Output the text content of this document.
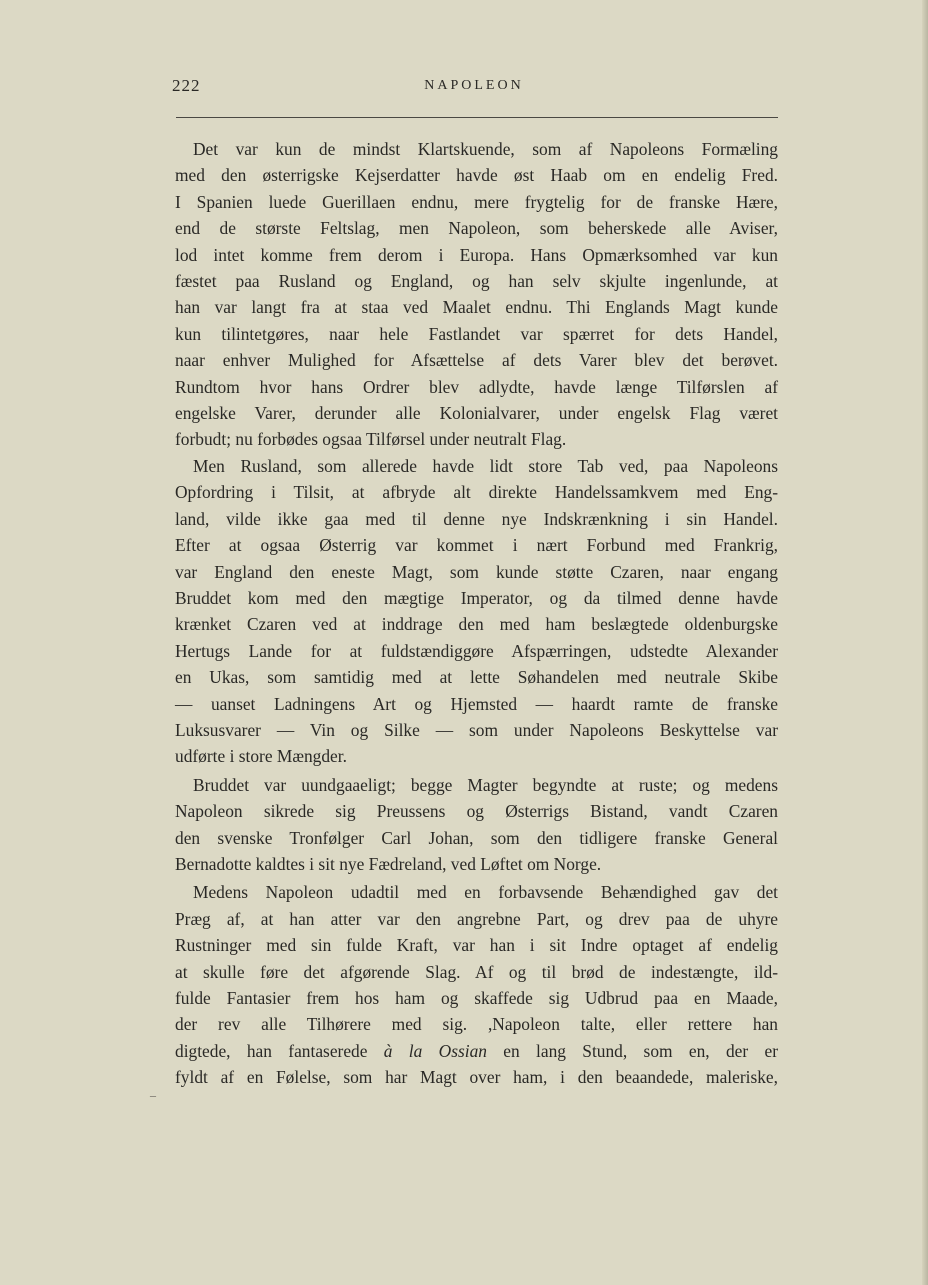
222	NAPOLEON
Det var kun de mindst Klartskuende, som af Napoleons Formæling
med den østerrigske Kejserdatter havde øst Haab om en endelig Fred.
I Spanien luede Guerillaen endnu, mere frygtelig for de franske Hære,
end de største Feltslag, men Napoleon, som beherskede alle Aviser,
lod intet komme frem derom i Europa. Hans Opmærksomhed var kun
fæstet paa Rusland og England, og han selv skjulte ingenlunde, at
han var langt fra at staa ved Maalet endnu. Thi Englands Magt kunde
kun tilintetgøres, naar hele Fastlandet var spærret for dets Handel,
naar enhver Mulighed for Afsættelse af dets Varer blev det berøvet.
Rundtom hvor hans Ordrer blev adlydte, havde længe Tilførslen af
engelske Varer, derunder alle Kolonialvarer, under engelsk Flag været
forbudt; nu forbødes ogsaa Tilførsel under neutralt Flag.
Men Rusland, som allerede havde lidt store Tab ved, paa Napoleons
Opfordring i Tilsit, at afbryde alt direkte Handelssamkvem med Eng-
land, vilde ikke gaa med til denne nye Indskrænkning i sin Handel.
Efter at ogsaa Østerrig var kommet i nært Forbund med Frankrig,
var England den eneste Magt, som kunde støtte Czaren, naar engang
Bruddet kom med den mægtige Imperator, og da tilmed denne havde
krænket Czaren ved at inddrage den med ham beslægtede oldenburgske
Hertugs Lande for at fuldstændiggøre Afspærringen, udstedte Alexander
en Ukas, som samtidig med at lette Søhandelen med neutrale Skibe
— uanset Ladningens Art og Hjemsted — haardt ramte de franske
Luksusvarer — Vin og Silke — som under Napoleons Beskyttelse var
udførte i store Mængder.
Bruddet var uundgaaeligt; begge Magter begyndte at ruste; og medens
Napoleon sikrede sig Preussens og Østerrigs Bistand, vandt Czaren
den svenske Tronfølger Carl Johan, som den tidligere franske General
Bernadotte kaldtes i sit nye Fædreland, ved Løftet om Norge.
Medens Napoleon udadtil med en forbavsende Behændighed gav det
Præg af, at han atter var den angrebne Part, og drev paa de uhyre
Rustninger med sin fulde Kraft, var han i sit Indre optaget af endelig
at skulle føre det afgørende Slag. Af og til brød de indestængte, ild-
fulde Fantasier frem hos ham og skaffede sig Udbrud paa en Maade,
der rev alle Tilhørere med sig. ,Napoleon talte, eller rettere han
digtede, han fantaserede à la Ossian en lang Stund, som en, der er
fyldt af en Følelse, som har Magt over ham, i den beaandede, maleriske,
_
